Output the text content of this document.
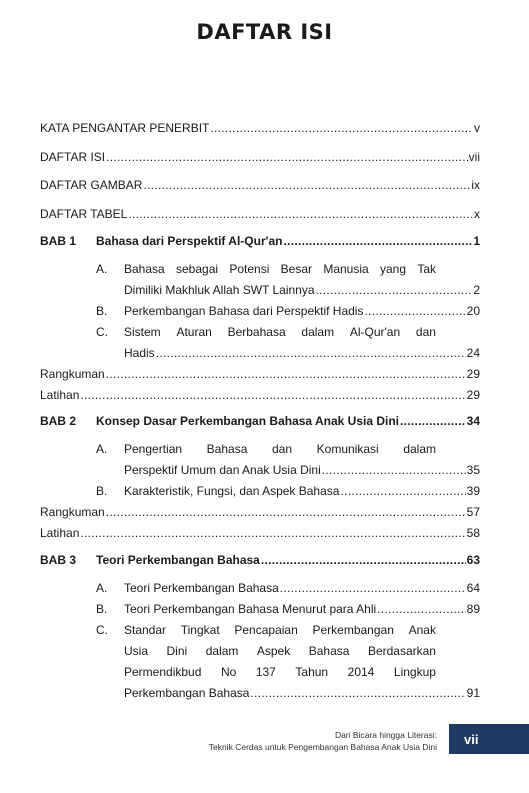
DAFTAR ISI
KATA PENGANTAR PENERBIT .....	v
DAFTAR ISI .....	vii
DAFTAR GAMBAR .....	ix
DAFTAR TABEL .....	x
BAB 1 Bahasa dari Perspektif Al-Qur'an .....	1
A. Bahasa sebagai Potensi Besar Manusia yang Tak
Dimiliki Makhluk Allah SWT Lainnya .....	2
B. Perkembangan Bahasa dari Perspektif Hadis .....	20
C. Sistem Aturan Berbahasa dalam Al-Qur'an dan
Hadis .....	24
Rangkuman .....	29
Latihan .....	29
BAB 2 Konsep Dasar Perkembangan Bahasa Anak Usia Dini .....	34
A. Pengertian Bahasa dan Komunikasi dalam
Perspektif Umum dan Anak Usia Dini .....	35
B. Karakteristik, Fungsi, dan Aspek Bahasa .....	39
Rangkuman .....	57
Latihan .....	58
BAB 3 Teori Perkembangan Bahasa .....	63
A. Teori Perkembangan Bahasa .....	64
B. Teori Perkembangan Bahasa Menurut para Ahli .....	89
C. Standar Tingkat Pencapaian Perkembangan Anak
Usia Dini dalam Aspek Bahasa Berdasarkan
Permendikbud No 137 Tahun 2014 Lingkup
Perkembangan Bahasa .....	91
Dari Bicara hingga Literasi:
Teknik Cerdas untuk Pengembangan Bahasa Anak Usia Dini
vii
